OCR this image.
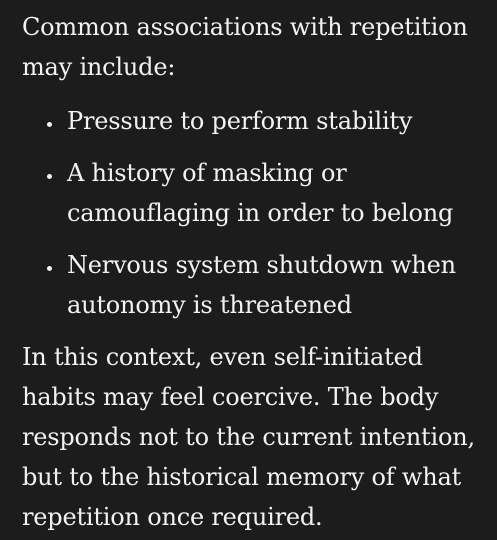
Common associations with repetition may include:

Pressure to perform stability
A history of masking or camouflaging in order to belong
Nervous system shutdown when autonomy is threatened

In this context, even self-initiated habits may feel coercive. The body responds not to the current intention, but to the historical memory of what repetition once required.
